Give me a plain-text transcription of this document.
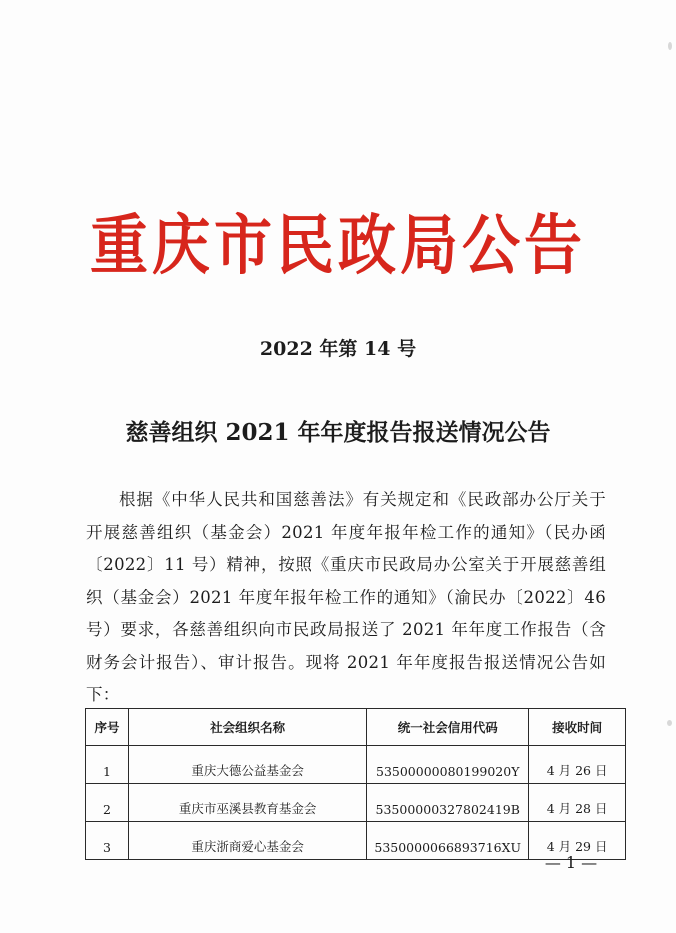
重庆市民政局公告
2022 年第 14 号
慈善组织 2021 年年度报告报送情况公告

根据《中华人民共和国慈善法》有关规定和《民政部办公厅关于开展慈善组织（基金会）2021 年度年报年检工作的通知》（民办函〔2022〕11 号）精神，按照《重庆市民政局办公室关于开展慈善组织（基金会）2021 年度年报年检工作的通知》（渝民办〔2022〕46 号）要求，各慈善组织向市民政局报送了 2021 年年度工作报告（含财务会计报告）、审计报告。现将 2021 年年度报告报送情况公告如下：

序号	社会组织名称	统一社会信用代码	接收时间
1	重庆大德公益基金会	53500000080199020Y	4 月 26 日
2	重庆市巫溪县教育基金会	53500000327802419B	4 月 28 日
3	重庆浙商爱心基金会	5350000066893716XU	4 月 29 日
— 1 —
